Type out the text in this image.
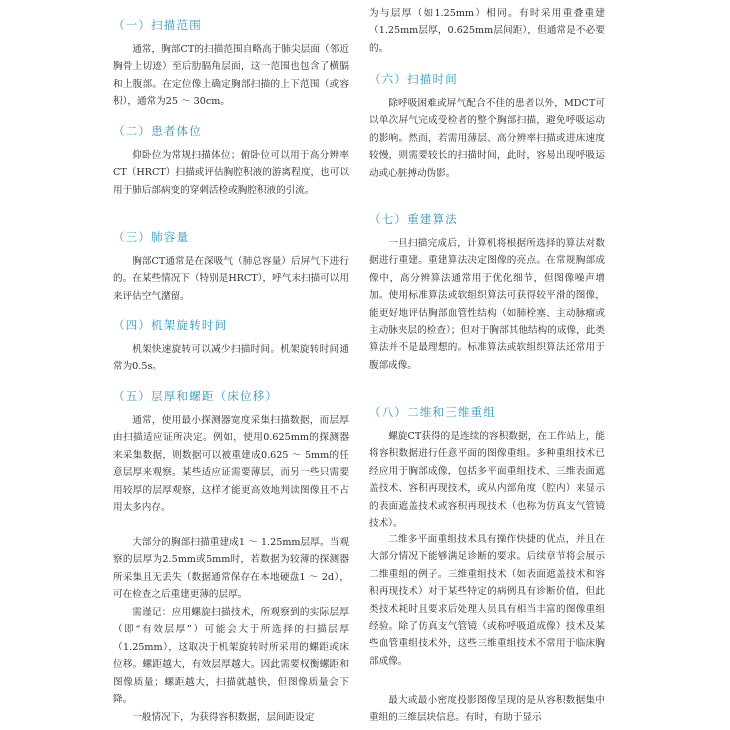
（一）扫描范围

通常，胸部CT的扫描范围自略高于肺尖层面（邻近胸骨上切迹）至后肋膈角层面，这一范围也包含了横膈和上腹部。在定位像上确定胸部扫描的上下范围（或容积），通常为25 ～ 30cm。

（二）患者体位

仰卧位为常规扫描体位；俯卧位可以用于高分辨率CT（HRCT）扫描或评估胸腔积液的游离程度，也可以用于肺后部病变的穿刺活检或胸腔积液的引流。

（三）肺容量

胸部CT通常是在深吸气（肺总容量）后屏气下进行的。在某些情况下（特别是HRCT），呼气末扫描可以用来评估空气潴留。

（四）机架旋转时间

机架快速旋转可以减少扫描时间。机架旋转时间通常为0.5s。

（五）层厚和螺距（床位移）

通常，使用最小探测器宽度采集扫描数据，而层厚由扫描适应证所决定。例如，使用0.625mm的探测器来采集数据，则数据可以被重建成0.625 ～ 5mm的任意层厚来观察。某些适应证需要薄层，而另一些只需要用较厚的层厚观察，这样才能更高效地判读图像且不占用太多内存。

大部分的胸部扫描重建成1 ～ 1.25mm层厚。当观察的层厚为2.5mm或5mm时，若数据为较薄的探测器所采集且无丢失（数据通常保存在本地硬盘1 ～ 2d），可在检查之后重建更薄的层厚。

需谨记：应用螺旋扫描技术，所观察到的实际层厚（即“有效层厚”）可能会大于所选择的扫描层厚（1.25mm），这取决于机架旋转时所采用的螺距或床位移。螺距越大，有效层厚越大。因此需要权衡螺距和图像质量；螺距越大，扫描就越快，但图像质量会下降。

一般情况下，为获得容积数据，层间距设定

为与层厚（如1.25mm）相同。有时采用重叠重建（1.25mm层厚，0.625mm层间距），但通常是不必要的。

（六）扫描时间

除呼吸困难或屏气配合不佳的患者以外，MDCT可以单次屏气完成受检者的整个胸部扫描，避免呼吸运动的影响。然而，若需用薄层、高分辨率扫描或进床速度较慢，则需要较长的扫描时间，此时，容易出现呼吸运动或心脏搏动伪影。

（七）重建算法

一旦扫描完成后，计算机将根据所选择的算法对数据进行重建。重建算法决定图像的亮点。在常规胸部成像中，高分辨算法通常用于优化细节，但图像噪声增加。使用标准算法或软组织算法可获得较平滑的图像，能更好地评估胸部血管性结构（如肺栓塞、主动脉瘤或主动脉夹层的检查）；但对于胸部其他结构的成像，此类算法并不是最理想的。标准算法或软组织算法还常用于腹部成像。

（八）二维和三维重组

螺旋CT获得的是连续的容积数据，在工作站上，能将容积数据进行任意平面的图像重组。多种重组技术已经应用于胸部成像，包括多平面重组技术、三维表面遮盖技术、容积再现技术，或从内部角度（腔内）来显示的表面遮盖技术或容积再现技术（也称为仿真支气管镜技术）。

二维多平面重组技术具有操作快捷的优点，并且在大部分情况下能够满足诊断的要求。后续章节将会展示二维重组的例子。三维重组技术（如表面遮盖技术和容积再现技术）对于某些特定的病例具有诊断价值，但此类技术耗时且要求后处理人员具有相当丰富的图像重组经验。除了仿真支气管镜（或称呼吸道成像）技术及某些血管重组技术外，这些三维重组技术不常用于临床胸部成像。

最大或最小密度投影图像呈现的是从容积数据集中重组的三维层块信息。有时，有助于显示
